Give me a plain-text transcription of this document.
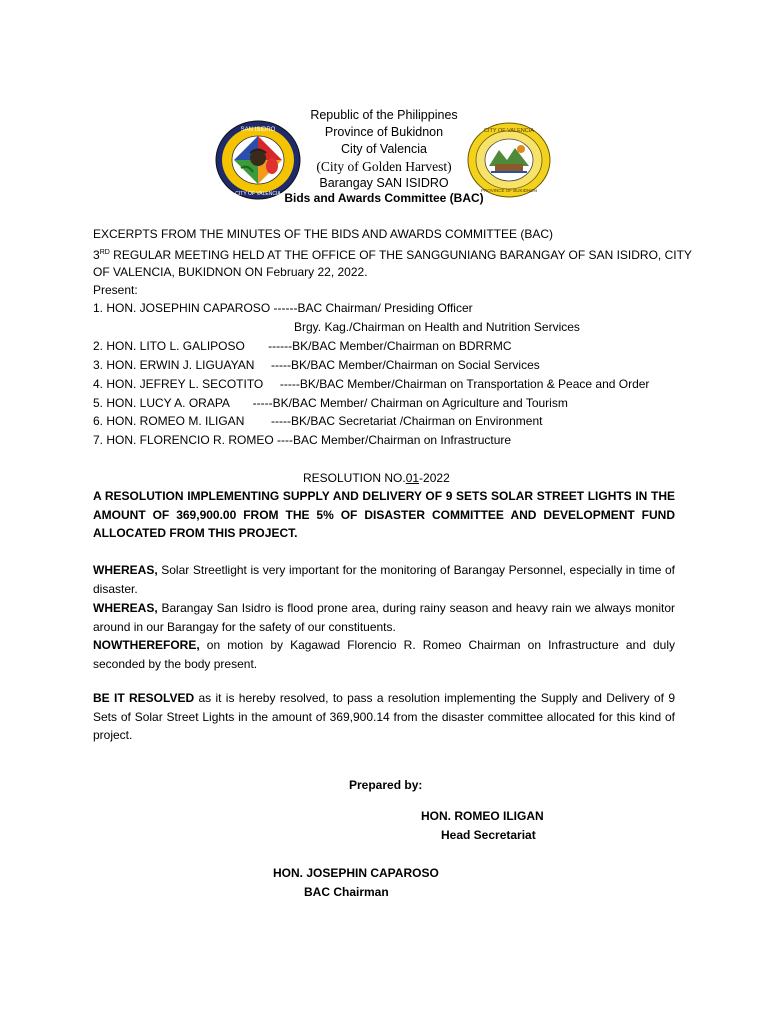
SAN ISIDRO
CITY OF VALENCIA
CITY OF VALENCIA
PROVINCE OF BUKIDNON
Republic of the Philippines
Province of Bukidnon
City of Valencia
(City of Golden Harvest)
Barangay SAN ISIDRO
Bids and Awards Committee (BAC)
EXCERPTS FROM THE MINUTES OF THE BIDS AND AWARDS COMMITTEE (BAC)
3RD REGULAR MEETING HELD AT THE OFFICE OF THE SANGGUNIANG BARANGAY OF SAN ISIDRO, CITY
OF VALENCIA, BUKIDNON ON February 22, 2022.
Present:
1. HON. JOSEPHIN CAPAROSO ------BAC Chairman/ Presiding Officer
Brgy. Kag./Chairman on Health and Nutrition Services
2. HON. LITO L. GALIPOSO       ------BK/BAC Member/Chairman on BDRRMC
3. HON. ERWIN J. LIGUAYAN     -----BK/BAC Member/Chairman on Social Services
4. HON. JEFREY L. SECOTITO     -----BK/BAC Member/Chairman on Transportation & Peace and Order
5. HON. LUCY A. ORAPA       -----BK/BAC Member/ Chairman on Agriculture and Tourism
6. HON. ROMEO M. ILIGAN        -----BK/BAC Secretariat /Chairman on Environment
7. HON. FLORENCIO R. ROMEO ----BAC Member/Chairman on Infrastructure
RESOLUTION NO.01-2022
A RESOLUTION IMPLEMENTING SUPPLY AND DELIVERY OF 9 SETS SOLAR STREET LIGHTS IN THE AMOUNT OF 369,900.00 FROM THE 5% OF DISASTER COMMITTEE AND DEVELOPMENT FUND ALLOCATED FROM THIS PROJECT.
WHEREAS, Solar Streetlight is very important for the monitoring of Barangay Personnel, especially in time of disaster.
WHEREAS, Barangay San Isidro is flood prone area, during rainy season and heavy rain we always monitor around in our Barangay for the safety of our constituents.
NOWTHEREFORE, on motion by Kagawad Florencio R. Romeo Chairman on Infrastructure and duly seconded by the body present.
BE IT RESOLVED as it is hereby resolved, to pass a resolution implementing the Supply and Delivery of 9 Sets of Solar Street Lights in the amount of 369,900.14 from the disaster committee allocated for this kind of project.
Prepared by:
HON. ROMEO ILIGAN
Head Secretariat
HON. JOSEPHIN CAPAROSO
BAC Chairman
